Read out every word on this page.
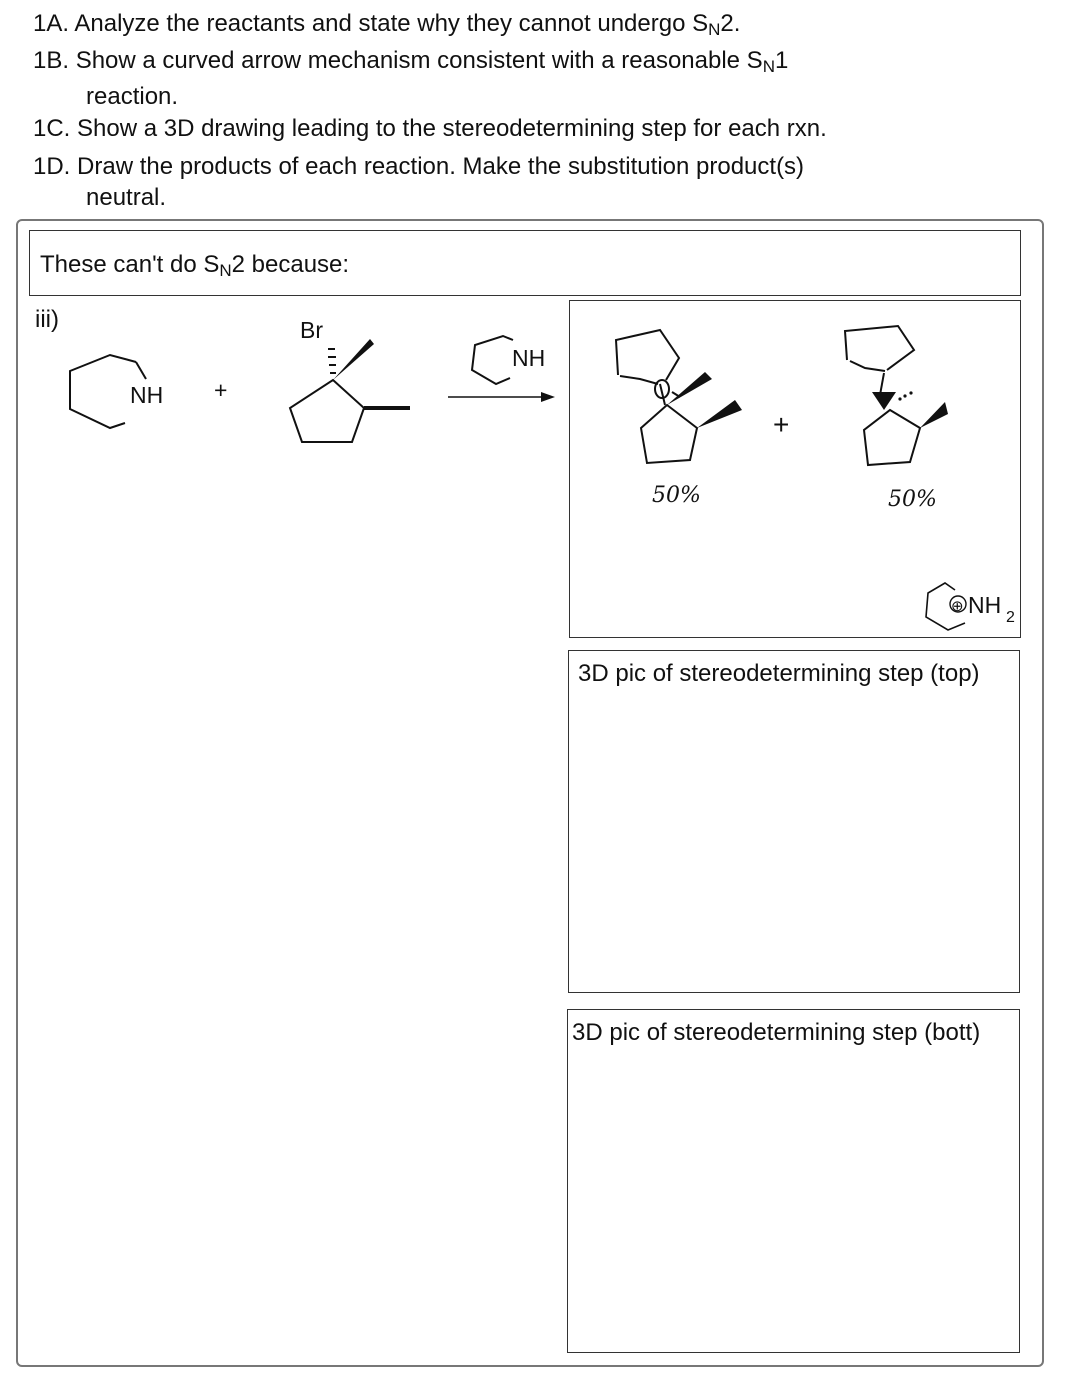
1A. Analyze the reactants and state why they cannot undergo $S_N2$.
1B. Show a curved arrow mechanism consistent with a reasonable $S_N1$
reaction.
1C. Show a 3D drawing leading to the stereodetermining step for each rxn.
1D. Draw the products of each reaction. Make the substitution product(s)
neutral.
These can't do $S_N2$ because:
iii)
NH +
Br
NH
50%
+
50%
⊕ NH 2
3D pic of stereodetermining step (top)
3D pic of stereodetermining step (bott)
